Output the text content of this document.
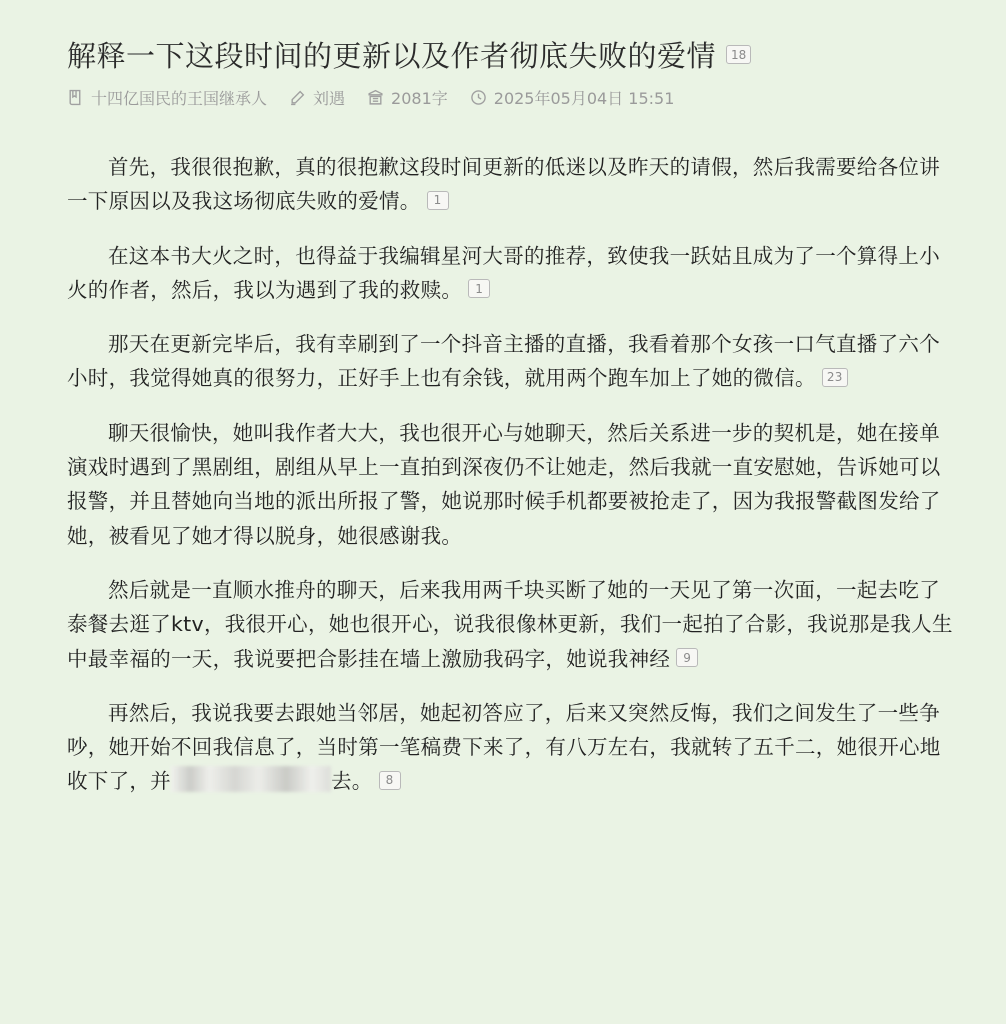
解释一下这段时间的更新以及作者彻底失败的爱情	18
十四亿国民的王国继承人	刘遇	2081字	2025年05月04日 15:51

首先，我很很抱歉，真的很抱歉这段时间更新的低迷以及昨天的请假，然后我需要给各位讲一下原因以及我这场彻底失败的爱情。 1

在这本书大火之时，也得益于我编辑星河大哥的推荐，致使我一跃姑且成为了一个算得上小火的作者，然后，我以为遇到了我的救赎。 1

那天在更新完毕后，我有幸刷到了一个抖音主播的直播，我看着那个女孩一口气直播了六个小时，我觉得她真的很努力，正好手上也有余钱，就用两个跑车加上了她的微信。 23

聊天很愉快，她叫我作者大大，我也很开心与她聊天，然后关系进一步的契机是，她在接单演戏时遇到了黑剧组，剧组从早上一直拍到深夜仍不让她走，然后我就一直安慰她，告诉她可以报警，并且替她向当地的派出所报了警，她说那时候手机都要被抢走了，因为我报警截图发给了她，被看见了她才得以脱身，她很感谢我。

然后就是一直顺水推舟的聊天，后来我用两千块买断了她的一天见了第一次面，一起去吃了泰餐去逛了ktv，我很开心，她也很开心，说我很像林更新，我们一起拍了合影，我说那是我人生中最幸福的一天，我说要把合影挂在墙上激励我码字，她说我神经 9

再然后，我说我要去跟她当邻居，她起初答应了，后来又突然反悔，我们之间发生了一些争吵，她开始不回我信息了，当时第一笔稿费下来了，有八万左右，我就转了五千二，她很开心地收下了，并	去。 8
